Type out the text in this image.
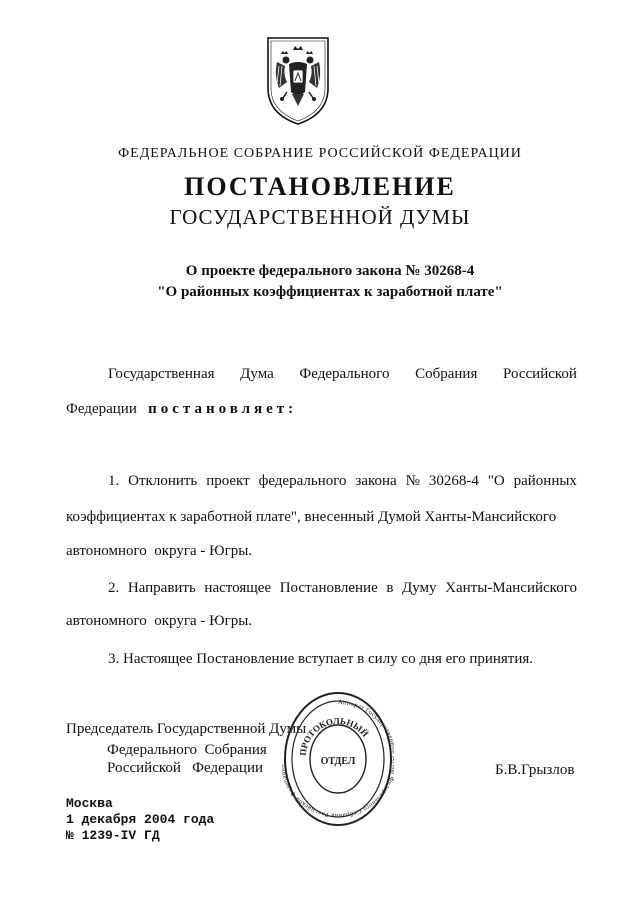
ФЕДЕРАЛЬНОЕ СОБРАНИЕ РОССИЙСКОЙ ФЕДЕРАЦИИ
ПОСТАНОВЛЕНИЕ
ГОСУДАРСТВЕННОЙ ДУМЫ
О проекте федерального закона № 30268-4
"О районных коэффициентах к заработной плате"
Государственная Дума Федерального Собрания Российской
Федерации постановляет:
1. Отклонить проект федерального закона № 30268-4 "О районных
коэффициентах к заработной плате", внесенный Думой Ханты-Мансийского
автономного  округа - Югры.
2. Направить настоящее Постановление в Думу Ханты-Мансийского
автономного  округа - Югры.
3. Настоящее Постановление вступает в силу со дня его принятия.
Председатель Государственной Думы
Федерального  Собрания
Российской   Федерации	Б.В.Грызлов
Аппарат Государстве едерального Собрания Российской Федер
ПРОТОКОЛЬНЫЙ
ОТДЕЛ
Москва
1 декабря 2004 года
№ 1239-IV ГД
